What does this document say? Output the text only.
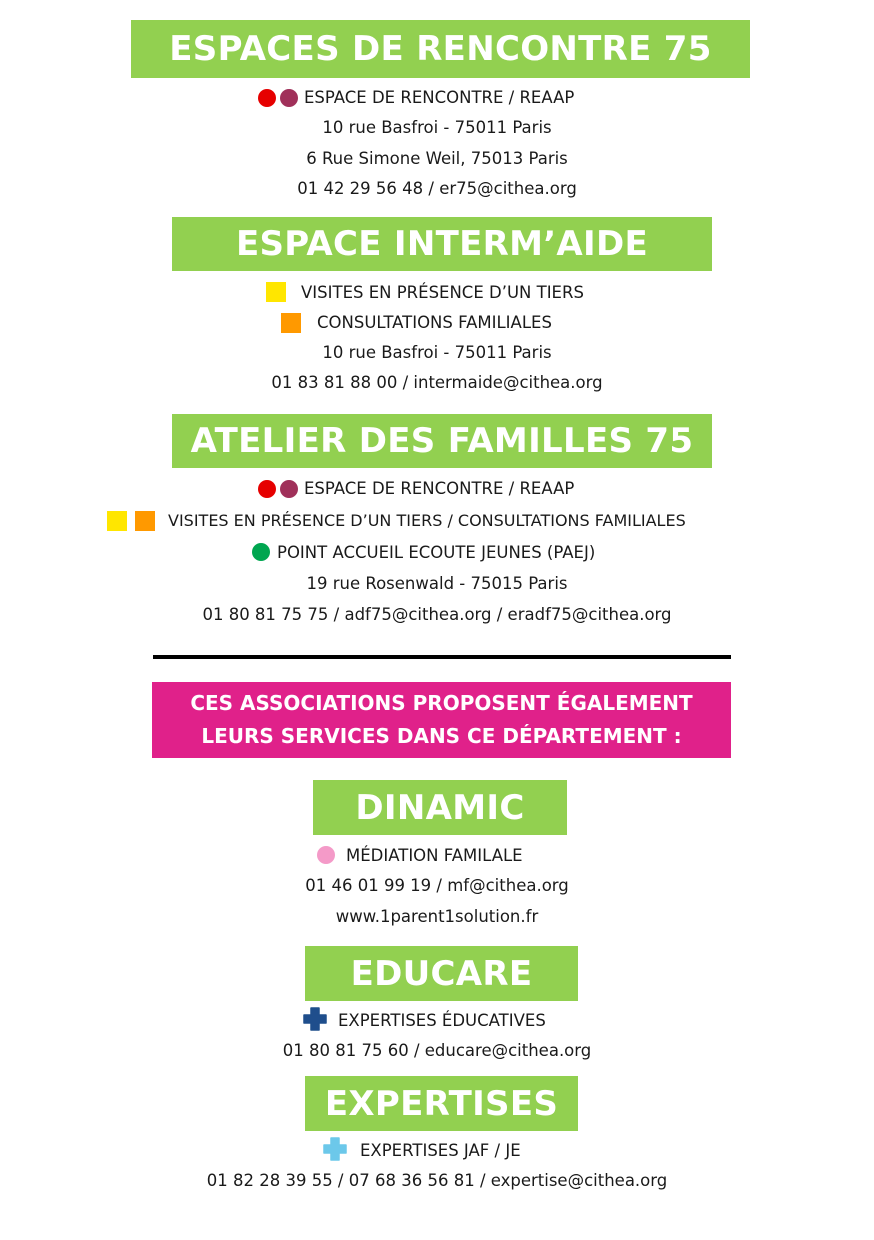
ESPACES DE RENCONTRE 75
ESPACE DE RENCONTRE / REAAP
10 rue Basfroi - 75011 Paris
6 Rue Simone Weil, 75013 Paris
01 42 29 56 48 / er75@cithea.org
ESPACE INTERM’AIDE
VISITES EN PRÉSENCE D’UN TIERS
CONSULTATIONS FAMILIALES
10 rue Basfroi - 75011 Paris
01 83 81 88 00 / intermaide@cithea.org
ATELIER DES FAMILLES 75
ESPACE DE RENCONTRE / REAAP
VISITES EN PRÉSENCE D’UN TIERS / CONSULTATIONS FAMILIALES
POINT ACCUEIL ECOUTE JEUNES (PAEJ)
19 rue Rosenwald - 75015 Paris
01 80 81 75 75 / adf75@cithea.org / eradf75@cithea.org
CES ASSOCIATIONS PROPOSENT ÉGALEMENT
LEURS SERVICES DANS CE DÉPARTEMENT :
DINAMIC
MÉDIATION FAMILALE
01 46 01 99 19 / mf@cithea.org
www.1parent1solution.fr
EDUCARE
EXPERTISES ÉDUCATIVES
01 80 81 75 60 / educare@cithea.org
EXPERTISES
EXPERTISES JAF / JE
01 82 28 39 55 / 07 68 36 56 81 / expertise@cithea.org
